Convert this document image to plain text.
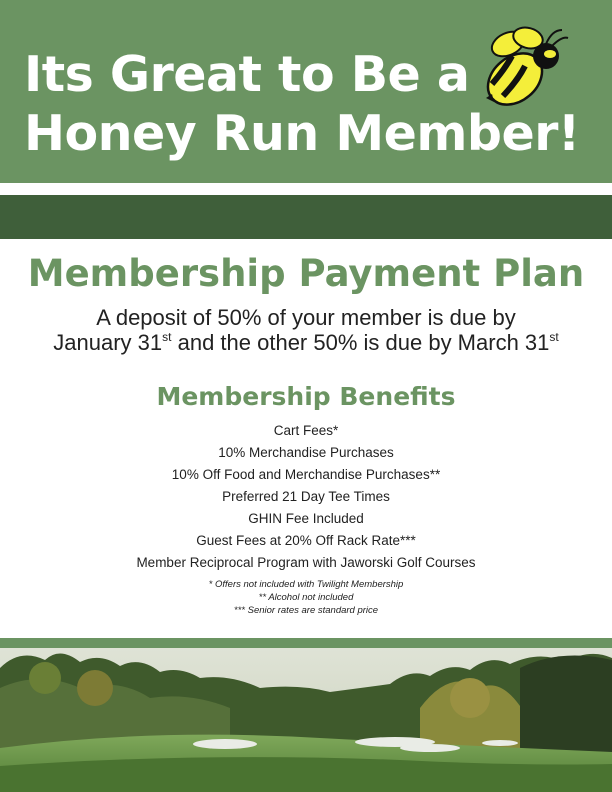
Its Great to Be a
Honey Run Member!
Membership Payment Plan
A deposit of 50% of your member is due by
January 31st and the other 50% is due by March 31st
Membership Benefits
Cart Fees*
10% Merchandise Purchases
10% Off Food and Merchandise Purchases**
Preferred 21 Day Tee Times
GHIN Fee Included
Guest Fees at 20% Off Rack Rate***
Member Reciprocal Program with Jaworski Golf Courses
* Offers not included with Twilight Membership
** Alcohol not included
*** Senior rates are standard price
